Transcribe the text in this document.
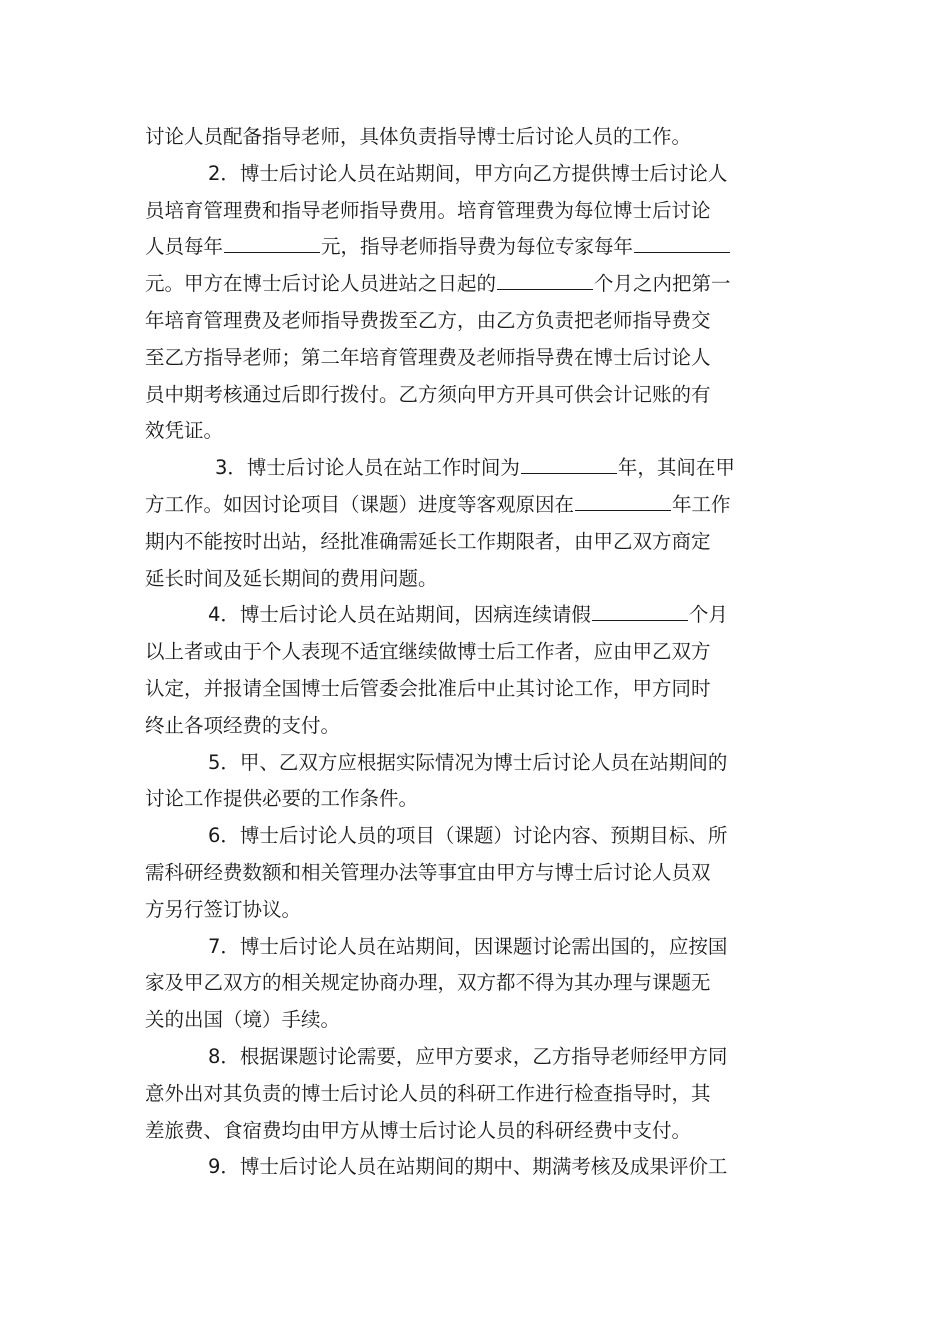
讨论人员配备指导老师，具体负责指导博士后讨论人员的工作。
2．博士后讨论人员在站期间，甲方向乙方提供博士后讨论人
员培育管理费和指导老师指导费用。培育管理费为每位博士后讨论
人员每年	元，指导老师指导费为每位专家每年
元。甲方在博士后讨论人员进站之日起的	个月之内把第一
年培育管理费及老师指导费拨至乙方，由乙方负责把老师指导费交
至乙方指导老师；第二年培育管理费及老师指导费在博士后讨论人
员中期考核通过后即行拨付。乙方须向甲方开具可供会计记账的有
效凭证。
3．博士后讨论人员在站工作时间为	年，其间在甲
方工作。如因讨论项目（课题）进度等客观原因在	年工作
期内不能按时出站，经批准确需延长工作期限者，由甲乙双方商定
延长时间及延长期间的费用问题。
4．博士后讨论人员在站期间，因病连续请假	个月
以上者或由于个人表现不适宜继续做博士后工作者，应由甲乙双方
认定，并报请全国博士后管委会批准后中止其讨论工作，甲方同时
终止各项经费的支付。
5．甲、乙双方应根据实际情况为博士后讨论人员在站期间的
讨论工作提供必要的工作条件。
6．博士后讨论人员的项目（课题）讨论内容、预期目标、所
需科研经费数额和相关管理办法等事宜由甲方与博士后讨论人员双
方另行签订协议。
7．博士后讨论人员在站期间，因课题讨论需出国的，应按国
家及甲乙双方的相关规定协商办理，双方都不得为其办理与课题无
关的出国（境）手续。
8．根据课题讨论需要，应甲方要求，乙方指导老师经甲方同
意外出对其负责的博士后讨论人员的科研工作进行检查指导时，其
差旅费、食宿费均由甲方从博士后讨论人员的科研经费中支付。
9．博士后讨论人员在站期间的期中、期满考核及成果评价工
